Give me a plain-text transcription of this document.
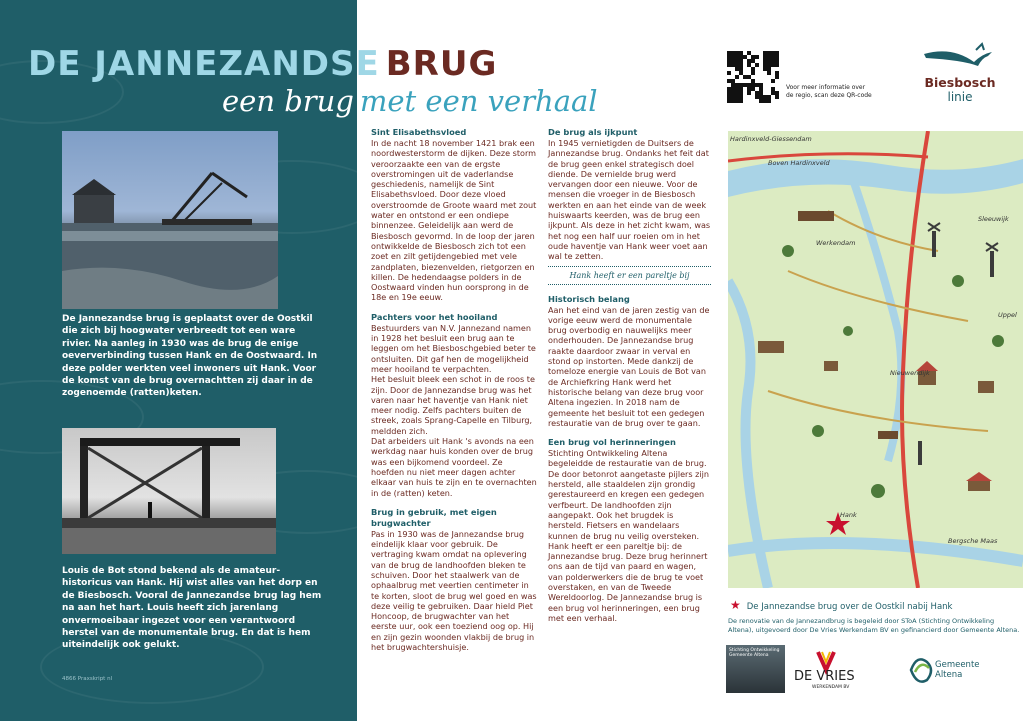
DE JANNEZANDSE BRUG
een brug met een verhaal
De Jannezandse brug is geplaatst over de Oostkil die zich bij hoogwater verbreedt tot een ware rivier. Na aanleg in 1930 was de brug de enige oeververbinding tussen Hank en de Oostwaard. In deze polder werkten veel inwoners uit Hank. Voor de komst van de brug overnachtten zij daar in de zogenoemde (ratten)keten.
Louis de Bot stond bekend als de amateur-historicus van Hank. Hij wist alles van het dorp en de Biesbosch. Vooral de Jannezandse brug lag hem na aan het hart. Louis heeft zich jarenlang onvermoeibaar ingezet voor een verantwoord herstel van de monumentale brug. En dat is hem uiteindelijk ook gelukt.
4866 Praxskript nl
Sint Elisabethsvloed

In de nacht 18 november 1421 brak een noordwesterstorm de dijken. Deze storm veroorzaakte een van de ergste overstromingen uit de vaderlandse geschiedenis, namelijk de Sint Elisabethsvloed. Door deze vloed overstroomde de Groote waard met zout water en ontstond er een ondiepe binnenzee. Geleidelijk aan werd de Biesbosch gevormd. In de loop der jaren ontwikkelde de Biesbosch zich tot een zoet en zilt getijdengebied met vele zandplaten, biezenvelden, rietgorzen en killen. De hedendaagse polders in de Oostwaard vinden hun oorsprong in de 18e en 19e eeuw.

Pachters voor het hooiland

Bestuurders van N.V. Jannezand namen in 1928 het besluit een brug aan te leggen om het Biesboschgebied beter te ontsluiten. Dit gaf hen de mogelijkheid meer hooiland te verpachten.

Het besluit bleek een schot in de roos te zijn. Door de Jannezandse brug was het varen naar het haventje van Hank niet meer nodig. Zelfs pachters buiten de streek, zoals Sprang-Capelle en Tilburg, meldden zich.

Dat arbeiders uit Hank 's avonds na een werkdag naar huis konden over de brug was een bijkomend voordeel. Ze hoefden nu niet meer dagen achter elkaar van huis te zijn en te overnachten in de (ratten) keten.

Brug in gebruik, met eigen brugwachter

Pas in 1930 was de Jannezandse brug eindelijk klaar voor gebruik. De vertraging kwam omdat na oplevering van de brug de landhoofden bleken te schuiven. Door het staalwerk van de ophaalbrug met veertien centimeter in te korten, sloot de brug wel goed en was deze veilig te gebruiken. Daar hield Piet Honcoop, de brugwachter van het eerste uur, ook een toeziend oog op. Hij en zijn gezin woonden vlakbij de brug in het brugwachtershuisje.

De brug als ijkpunt

In 1945 vernietigden de Duitsers de Jannezandse brug. Ondanks het feit dat de brug geen enkel strategisch doel diende. De vernielde brug werd vervangen door een nieuwe. Voor de mensen die vroeger in de Biesbosch werkten en aan het einde van de week huiswaarts keerden, was de brug een ijkpunt. Als deze in het zicht kwam, was het nog een half uur roeien om in het oude haventje van Hank weer voet aan wal te zetten.

Hank heeft er een pareltje bij
Historisch belang

Aan het eind van de jaren zestig van de vorige eeuw werd de monumentale brug overbodig en nauwelijks meer onderhouden. De Jannezandse brug raakte daardoor zwaar in verval en stond op instorten. Mede dankzij de tomeloze energie van Louis de Bot van de Archiefkring Hank werd het historische belang van deze brug voor Altena ingezien. In 2018 nam de gemeente het besluit tot een gedegen restauratie van de brug over te gaan.

Een brug vol herinneringen

Stichting Ontwikkeling Altena begeleidde de restauratie van de brug. De door betonrot aangetaste pijlers zijn hersteld, alle staaldelen zijn grondig gerestaureerd en kregen een gedegen verfbeurt. De landhoofden zijn aangepakt. Ook het brugdek is hersteld. Fietsers en wandelaars kunnen de brug nu veilig oversteken.

Hank heeft er een pareltje bij: de Jannezandse brug. Deze brug herinnert ons aan de tijd van paard en wagen, van polderwerkers die de brug te voet overstaken, en van de Tweede Wereldoorlog. De Jannezandse brug is een brug vol herinneringen, een brug met een verhaal.

Voor meer informatie over
de regio, scan deze QR-code
Biesbosch
linie
Hardinxveld-Giessendam
Boven Hardinxveld
Werkendam
Nieuwendijk
Hank
Sleeuwijk
Uppel
Bergsche Maas
★ De Jannezandse brug over de Oostkil nabij Hank
De renovatie van de Jannezandbrug is begeleid door SToA (Stichting Ontwikkeling Altena), uitgevoerd door De Vries Werkendam BV en gefinancierd door Gemeente Altena.
Stichting Ontwikkeling Gemeente Altena
DE VRIES
WERKENDAM BV
Gemeente
Altena
